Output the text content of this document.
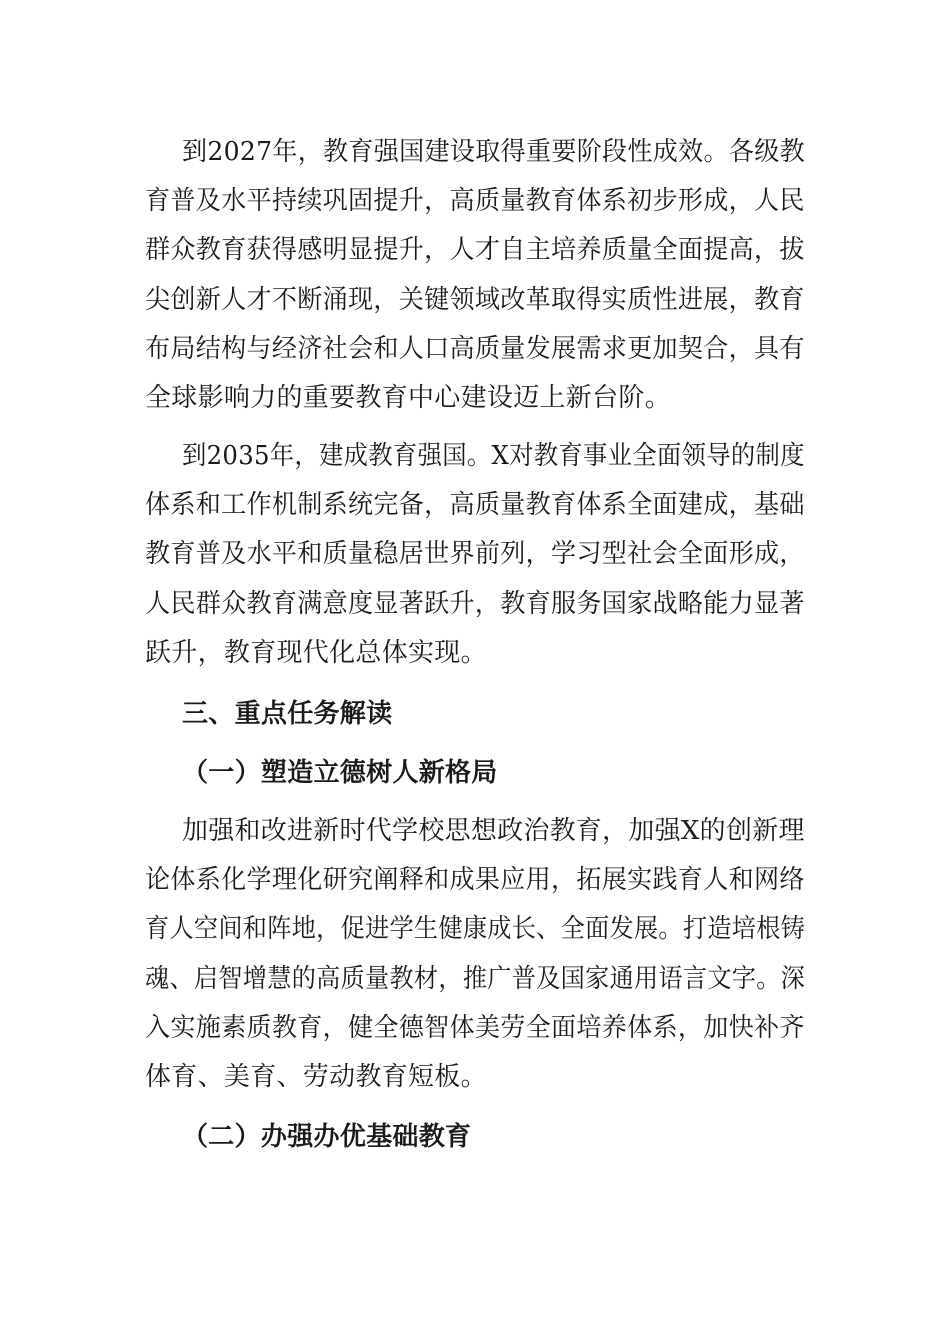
到2027年，教育强国建设取得重要阶段性成效。各级教
育普及水平持续巩固提升，高质量教育体系初步形成，人民
群众教育获得感明显提升，人才自主培养质量全面提高，拔
尖创新人才不断涌现，关键领域改革取得实质性进展，教育
布局结构与经济社会和人口高质量发展需求更加契合，具有
全球影响力的重要教育中心建设迈上新台阶。
到2035年，建成教育强国。X对教育事业全面领导的制度
体系和工作机制系统完备，高质量教育体系全面建成，基础
教育普及水平和质量稳居世界前列，学习型社会全面形成，
人民群众教育满意度显著跃升，教育服务国家战略能力显著
跃升，教育现代化总体实现。
三、重点任务解读
（一）塑造立德树人新格局
加强和改进新时代学校思想政治教育，加强X的创新理
论体系化学理化研究阐释和成果应用，拓展实践育人和网络
育人空间和阵地，促进学生健康成长、全面发展。打造培根铸
魂、启智增慧的高质量教材，推广普及国家通用语言文字。深
入实施素质教育，健全德智体美劳全面培养体系，加快补齐
体育、美育、劳动教育短板。
（二）办强办优基础教育
